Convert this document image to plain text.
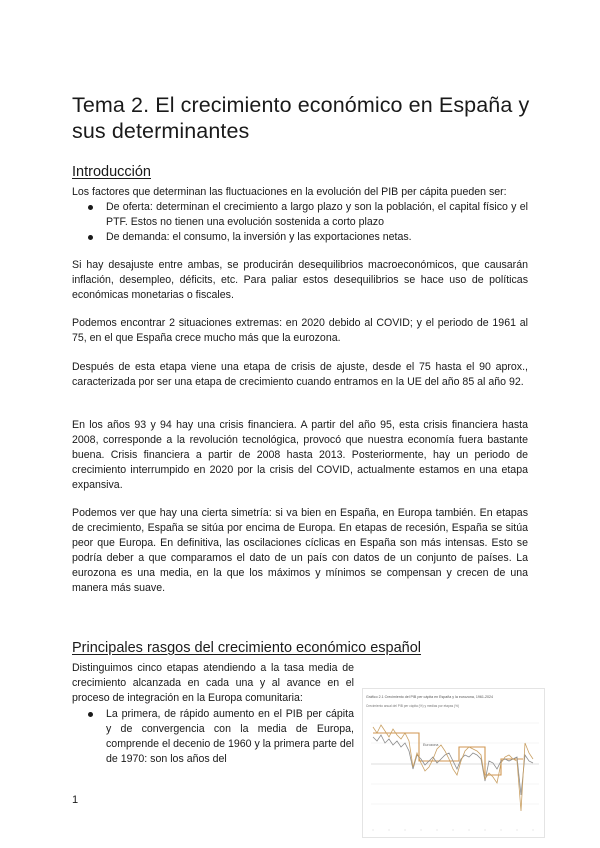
Tema 2. El crecimiento económico en España y sus determinantes
Introducción

Los factores que determinan las fluctuaciones en la evolución del PIB per cápita pueden ser:

De oferta: determinan el crecimiento a largo plazo y son la población, el capital físico y el PTF. Estos no tienen una evolución sostenida a corto plazo
De demanda: el consumo, la inversión y las exportaciones netas.

Si hay desajuste entre ambas, se producirán desequilibrios macroeconómicos, que causarán inflación, desempleo, déficits, etc. Para paliar estos desequilibrios se hace uso de políticas económicas monetarias o fiscales.

Podemos encontrar 2 situaciones extremas: en 2020 debido al COVID; y el periodo de 1961 al 75, en el que España crece mucho más que la eurozona.

Después de esta etapa viene una etapa de crisis de ajuste, desde el 75 hasta el 90 aprox., caracterizada por ser una etapa de crecimiento cuando entramos en la UE del año 85 al año 92.

En los años 93 y 94 hay una crisis financiera. A partir del año 95, esta crisis financiera hasta 2008, corresponde a la revolución tecnológica, provocó que nuestra economía fuera bastante buena. Crisis financiera a partir de 2008 hasta 2013. Posteriormente, hay un periodo de crecimiento interrumpido en 2020 por la crisis del COVID, actualmente estamos en una etapa expansiva.

Podemos ver que hay una cierta simetría: si va bien en España, en Europa también. En etapas de crecimiento, España se sitúa por encima de Europa. En etapas de recesión, España se sitúa peor que Europa. En definitiva, las oscilaciones cíclicas en España son más intensas. Esto se podría deber a que comparamos el dato de un país con datos de un conjunto de países. La eurozona es una media, en la que los máximos y mínimos se compensan y crecen de una manera más suave.

Principales rasgos del crecimiento económico español

Distinguimos cinco etapas atendiendo a la tasa media de crecimiento alcanzada en cada una y al avance en el proceso de integración en la Europa comunitaria:

La primera, de rápido aumento en el PIB per cápita y de convergencia con la media de Europa, comprende el decenio de 1960 y la primera parte del de 1970: son los años del
Gráfico 2.1 Crecimiento del PIB per cápita en España y la eurozona, 1961-2024
Crecimiento anual del PIB per cápita (%) y medias por etapas (%)
Eurozona
1
